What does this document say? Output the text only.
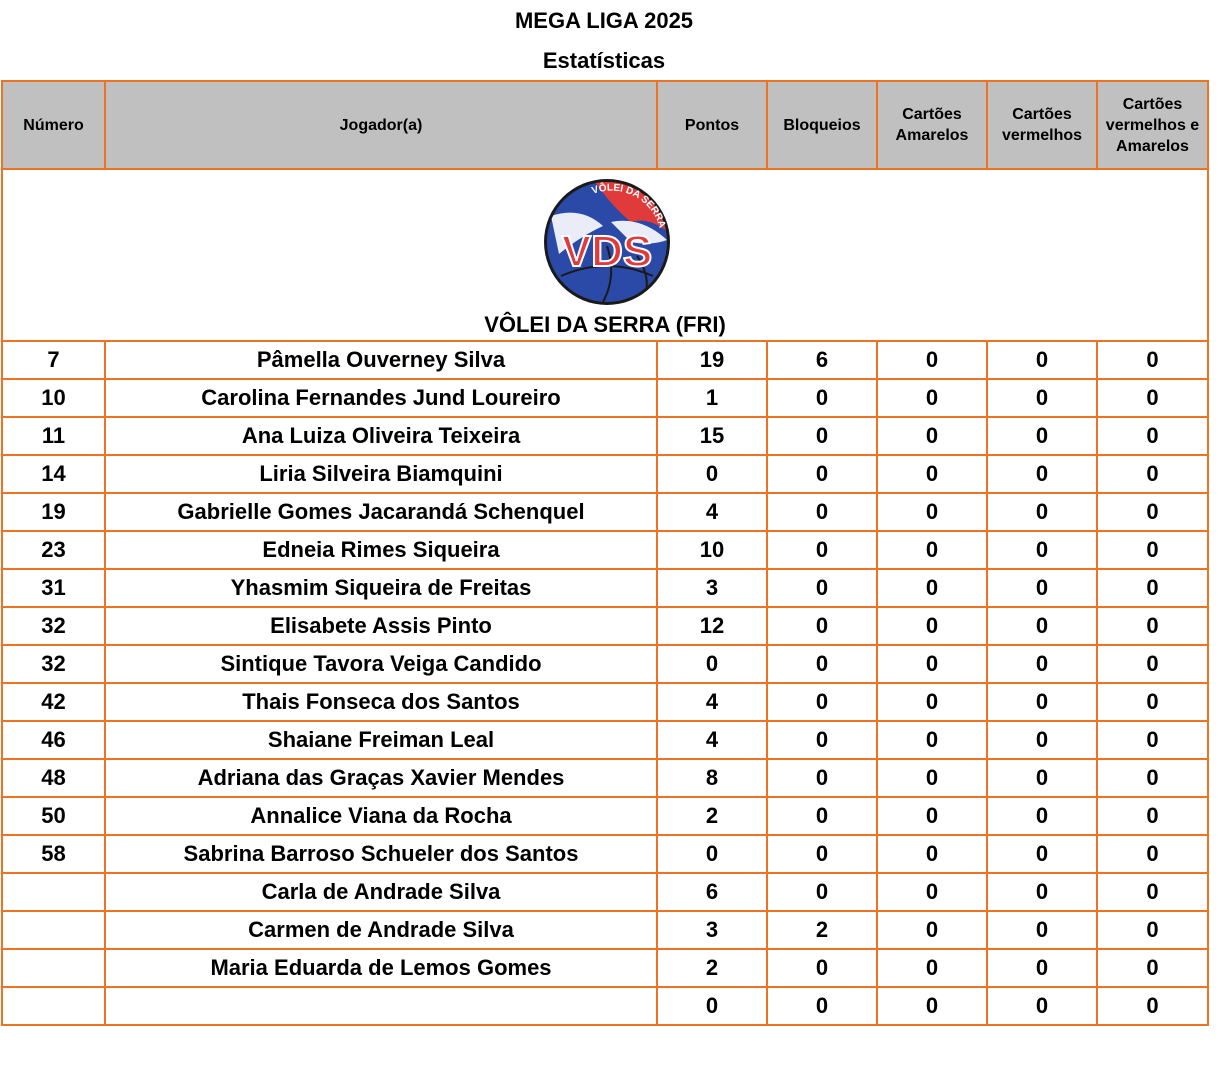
MEGA LIGA 2025
Estatísticas
VÔLEI DA SERRA
VDS
VÔLEI DA SERRA (FRI)						

Número	Jogador(a)	Pontos	Bloqueios	Cartões Amarelos	Cartões vermelhos	Cartões vermelhos e Amarelos
7	Pâmella Ouverney Silva	19	6	0	0	0
10	Carolina Fernandes Jund Loureiro	1	0	0	0	0
11	Ana Luiza Oliveira Teixeira	15	0	0	0	0
14	Liria Silveira Biamquini	0	0	0	0	0
19	Gabrielle Gomes Jacarandá Schenquel	4	0	0	0	0
23	Edneia Rimes Siqueira	10	0	0	0	0
31	Yhasmim Siqueira de Freitas	3	0	0	0	0
32	Elisabete Assis Pinto	12	0	0	0	0
32	Sintique Tavora Veiga Candido	0	0	0	0	0
42	Thais Fonseca dos Santos	4	0	0	0	0
46	Shaiane Freiman Leal	4	0	0	0	0
48	Adriana das Graças Xavier Mendes	8	0	0	0	0
50	Annalice Viana da Rocha	2	0	0	0	0
58	Sabrina Barroso Schueler dos Santos	0	0	0	0	0
	Carla de Andrade Silva	6	0	0	0	0
	Carmen de Andrade Silva	3	2	0	0	0
	Maria Eduarda de Lemos Gomes	2	0	0	0	0
		0	0	0	0	0
